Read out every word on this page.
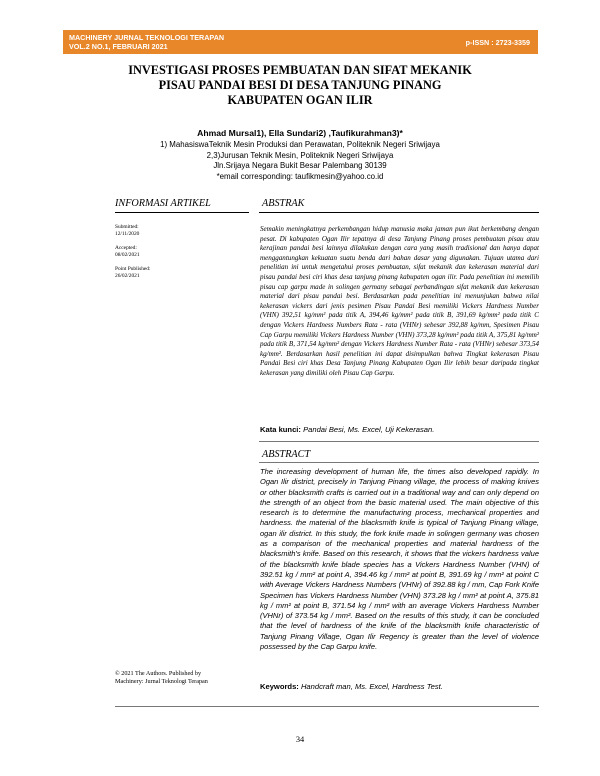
MACHINERY JURNAL TEKNOLOGI TERAPAN
VOL.2 NO.1, FEBRUARI 2021	p-ISSN : 2723-3359
INVESTIGASI PROSES PEMBUATAN DAN SIFAT MEKANIK
PISAU PANDAI BESI DI DESA TANJUNG PINANG
KABUPATEN OGAN ILIR
Ahmad Mursal1), Ella Sundari2) ,Taufikurahman3)*
1) MahasiswaTeknik Mesin Produksi dan Perawatan, Politeknik Negeri Sriwijaya
2,3)Jurusan Teknik Mesin, Politeknik Negeri Sriwijaya
Jln.Srijaya Negara Bukit Besar Palembang 30139
*email corresponding: taufikmesin@yahoo.co.id
INFORMASI ARTIKEL	ABSTRAK
Submitted:
12/11/2020
Accepted:
08/02/2021
Point Published:
26/02/2021
Semakin meningkatnya perkembangan hidup manusia maka jaman pun ikut berkembang dengan pesat. Di kabupaten Ogan Ilir tepatnya di desa Tanjung Pinang proses pembuatan pisau atau kerajinan pandai besi lainnya dilakukan dengan cara yang masih tradisional dan hanya dapat menggantungkan kekuatan suatu benda dari bahan dasar yang digunakan. Tujuan utama dari penelitian ini untuk mengetahui proses pembuatan, sifat mekanik dan kekerasan material dari pisau pandai besi ciri khas desa tanjung pinang kabupaten ogan ilir. Pada penelitian ini memilih pisau cap garpu made in solingen germany sebagai perbandingan sifat mekanik dan kekerasan material dari pisau pandai besi. Berdasarkan pada penelitian ini menunjukan bahwa nilai kekerasan vickers dari jenis pesimen Pisau Pandai Besi memiliki Vickers Hardness Number (VHN) 392,51 kg/mm² pada titik A, 394,46 kg/mm² pada titik B, 391,69 kg/mm² pada titik C dengan Vickers Hardness Numbers Rata - rata (VHNr) sebesar 392,88 kg/mm, Spesimen Pisau Cap Garpu memiliki Vickers Hardness Number (VHN) 373,28 kg/mm² pada titik A, 375,81 kg/mm² pada titik B, 371,54 kg/mm² dengan Vickers Hardness Number Rata - rata (VHNr) sebesar 373,54 kg/mm². Berdasarkan hasil penelitian ini dapat disimpulkan bahwa Tingkat kekerasan Pisau Pandai Besi ciri khas Desa Tanjung Pinang Kabupaten Ogan Ilir lebih besar daripada tingkat kekerasan yang dimiliki oleh Pisau Cap Garpu.
Kata kunci: Pandai Besi, Ms. Excel, Uji Kekerasan.
ABSTRACT
The increasing development of human life, the times also developed rapidly. In Ogan Ilir district, precisely in Tanjung Pinang village, the process of making knives or other blacksmith crafts is carried out in a traditional way and can only depend on the strength of an object from the basic material used. The main objective of this research is to determine the manufacturing process, mechanical properties and hardness. the material of the blacksmith knife is typical of Tanjung Pinang village, ogan ilir district. In this study, the fork knife made in solingen germany was chosen as a comparison of the mechanical properties and material hardness of the blacksmith's knife. Based on this research, it shows that the vickers hardness value of the blacksmith knife blade species has a Vickers Hardness Number (VHN) of 392.51 kg / mm² at point A, 394.46 kg / mm² at point B, 391.69 kg / mm² at point C with Average Vickers Hardness Numbers (VHNr) of 392.88 kg / mm, Cap Fork Knife Specimen has Vickers Hardness Number (VHN) 373.28 kg / mm² at point A, 375.81 kg / mm² at point B, 371.54 kg / mm² with an average Vickers Hardness Number (VHNr) of 373.54 kg / mm². Based on the results of this study, it can be concluded that the level of hardness of the knife of the blacksmith knife characteristic of Tanjung Pinang Village, Ogan Ilir Regency is greater than the level of violence possessed by the Cap Garpu knife.
Keywords: Handcraft man, Ms. Excel, Hardness Test.
© 2021 The Authors. Published by
Machinery: Jurnal Teknologi Terapan
34
